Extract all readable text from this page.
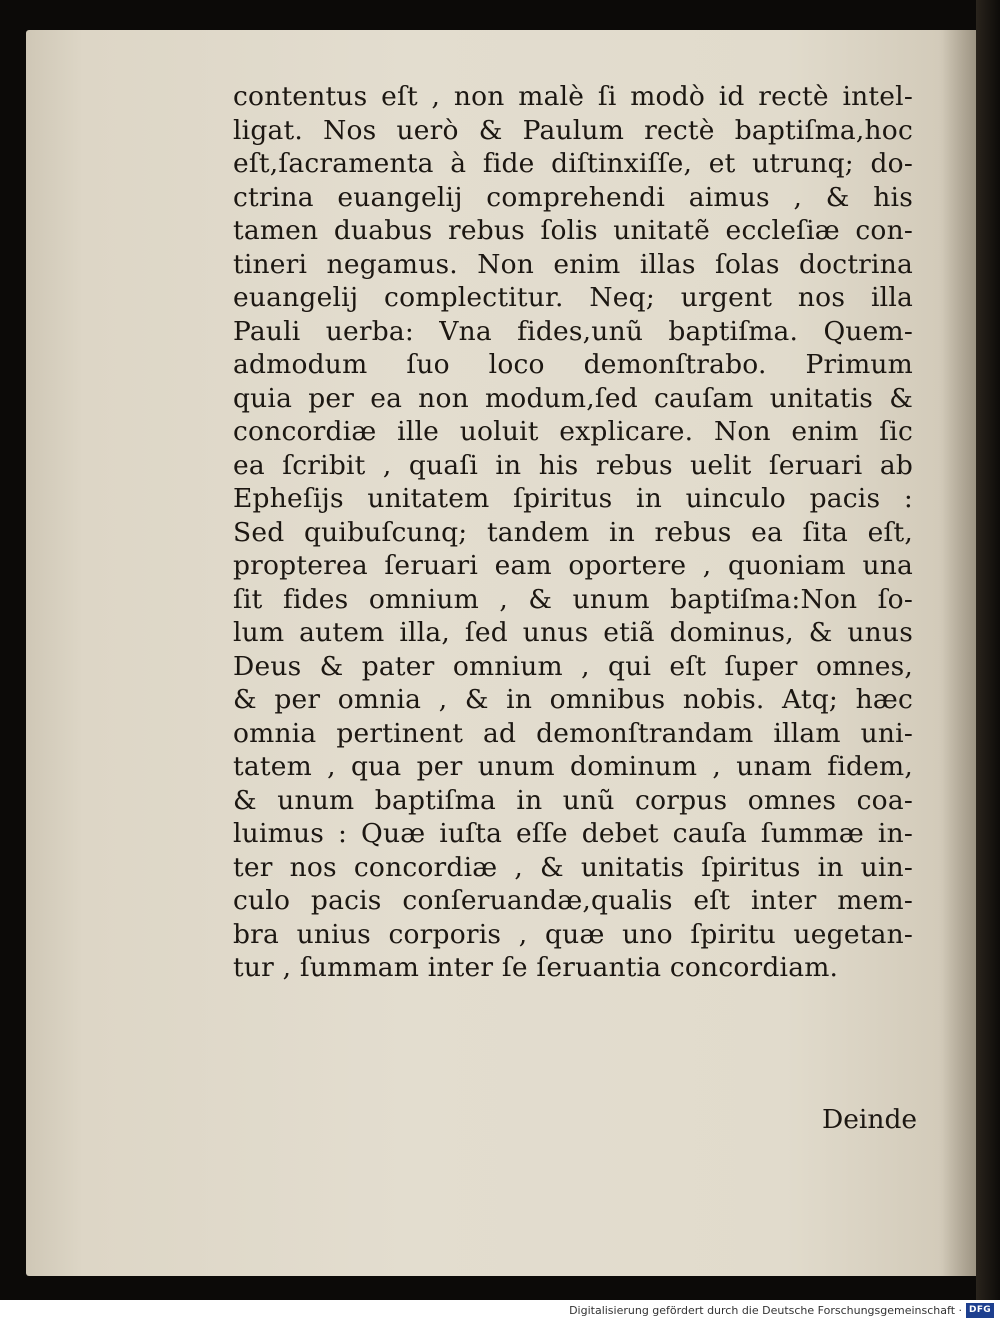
contentus eſt , non malè ſi modò id rectè intel-
ligat. Nos uerò & Paulum rectè baptiſma,hoc
eſt,ſacramenta à fide diſtinxiſſe, et utrunq; do-
ctrina euangelij comprehendi aimus , & his
tamen duabus rebus ſolis unitatẽ eccleſiæ con-
tineri negamus. Non enim illas ſolas doctrina
euangelij complectitur. Neq; urgent nos illa
Pauli uerba: Vna fides,unũ baptiſma. Quem-
admodum ſuo loco demonſtrabo. Primum
quia per ea non modum,ſed cauſam unitatis &
concordiæ ille uoluit explicare. Non enim ſic
ea ſcribit , quaſi in his rebus uelit ſeruari ab
Epheſijs unitatem ſpiritus in uinculo pacis :
Sed quibuſcunq; tandem in rebus ea ſita eſt,
propterea ſeruari eam oportere , quoniam una
ſit fides omnium , & unum baptiſma:Non ſo-
lum autem illa, ſed unus etiã dominus, & unus
Deus & pater omnium , qui eſt ſuper omnes,
& per omnia , & in omnibus nobis. Atq; hæc
omnia pertinent ad demonſtrandam illam uni-
tatem , qua per unum dominum , unam fidem,
& unum baptiſma in unũ corpus omnes coa-
luimus : Quæ iuſta eſſe debet cauſa ſummæ in-
ter nos concordiæ , & unitatis ſpiritus in uin-
culo pacis conſeruandæ,qualis eſt inter mem-
bra unius corporis , quæ uno ſpiritu uegetan-
tur , ſummam inter ſe ſeruantia concordiam.
Deinde
Digitalisierung gefördert durch die Deutsche Forschungsgemeinschaft · DFG
